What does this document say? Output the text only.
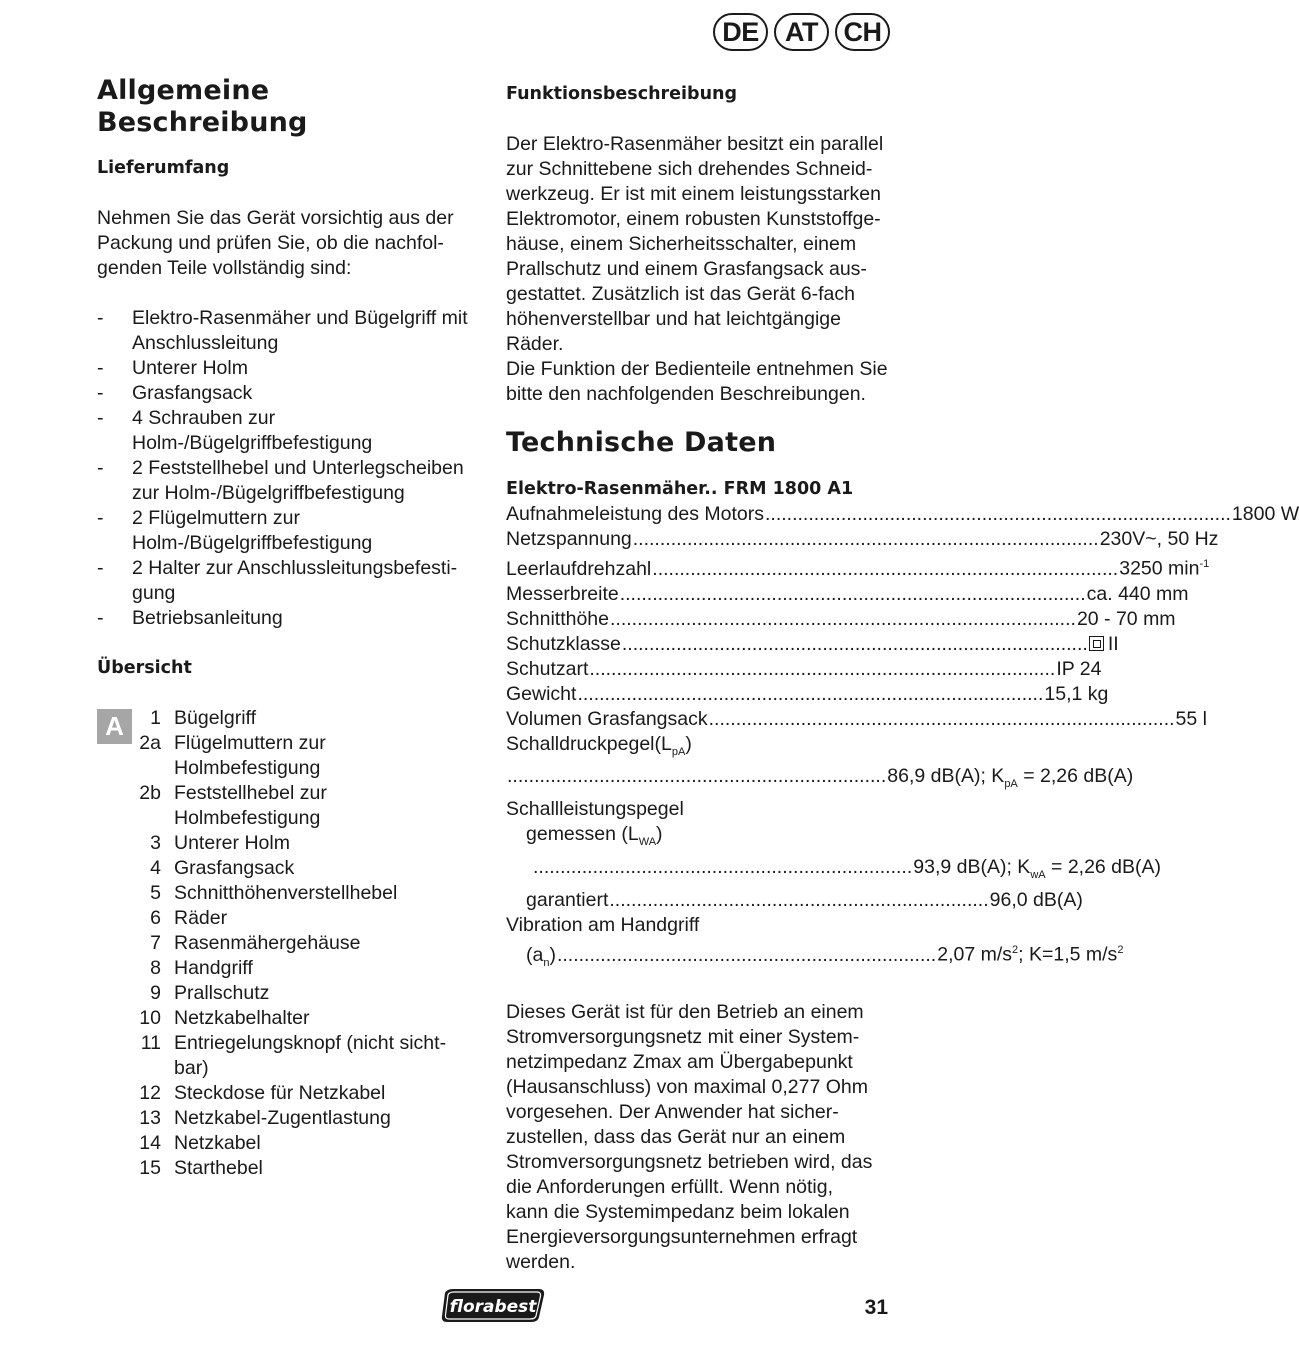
DE AT CH
Allgemeine
Beschreibung
Lieferumfang
Nehmen Sie das Gerät vorsichtig aus der
Packung und prüfen Sie, ob die nachfol-
genden Teile vollständig sind:
-	Elektro-Rasenmäher und Bügelgriff mit
Anschlussleitung
-	Unterer Holm
-	Grasfangsack
-	4 Schrauben zur
Holm-/Bügelgriffbefestigung
-	2 Feststellhebel und Unterlegscheiben
zur Holm-/Bügelgriffbefestigung
-	2 Flügelmuttern zur
Holm-/Bügelgriffbefestigung
-	2 Halter zur Anschlussleitungsbefesti-
gung
-	Betriebsanleitung
Übersicht
A	1 Bügelgriff
2a Flügelmuttern zur
Holmbefestigung
2b Feststellhebel zur
Holmbefestigung
3 Unterer Holm
4 Grasfangsack
5 Schnitthöhenverstellhebel
6 Räder
7 Rasenmähergehäuse
8 Handgriff
9 Prallschutz
10 Netzkabelhalter
11 Entriegelungsknopf (nicht sicht-
bar)
12 Steckdose für Netzkabel
13 Netzkabel-Zugentlastung
14 Netzkabel
15 Starthebel
Funktionsbeschreibung
Der Elektro-Rasenmäher besitzt ein parallel
zur Schnittebene sich drehendes Schneid-
werkzeug. Er ist mit einem leistungsstarken
Elektromotor, einem robusten Kunststoffge-
häuse, einem Sicherheitsschalter, einem
Prallschutz und einem Grasfangsack aus-
gestattet. Zusätzlich ist das Gerät 6-fach
höhenverstellbar und hat leichtgängige
Räder.
Die Funktion der Bedienteile entnehmen Sie
bitte den nachfolgenden Beschreibungen.
Technische Daten
Elektro-Rasenmäher.. FRM 1800 A1
Aufnahmeleistung des Motors ...................................................................................... 1800 W
Netzspannung ...................................................................................... 230V~, 50 Hz
Leerlaufdrehzahl ...................................................................................... 3250 $\min^{-1}$
Messerbreite ...................................................................................... ca. 440 mm
Schnitthöhe ...................................................................................... 20 - 70 mm
Schutzklasse ......................................................................................	II
Schutzart ...................................................................................... IP 24
Gewicht ...................................................................................... 15,1 kg
Volumen Grasfangsack ...................................................................................... 55 l
$Schalldruckpegel(L_{pA})$
...................................................................... 86,9 dB(A); $K_{pA} = 2,26$ dB(A)
Schallleistungspegel
gemessen $(L_{WA})$
...................................................................... 93,9 dB(A); $K_{wA} = 2,26$ dB(A)
garantiert ...................................................................... 96,0 dB(A)
Vibration am Handgriff
$(a_n)$ ...................................................................... 2,07 $m/s^2$; K=1,5 $m/s^2$
Dieses Gerät ist für den Betrieb an einem
Stromversorgungsnetz mit einer System-
netzimpedanz Zmax am Übergabepunkt
(Hausanschluss) von maximal 0,277 Ohm
vorgesehen. Der Anwender hat sicher-
zustellen, dass das Gerät nur an einem
Stromversorgungsnetz betrieben wird, das
die Anforderungen erfüllt. Wenn nötig,
kann die Systemimpedanz beim lokalen
Energieversorgungsunternehmen erfragt
werden.
florabest	31
